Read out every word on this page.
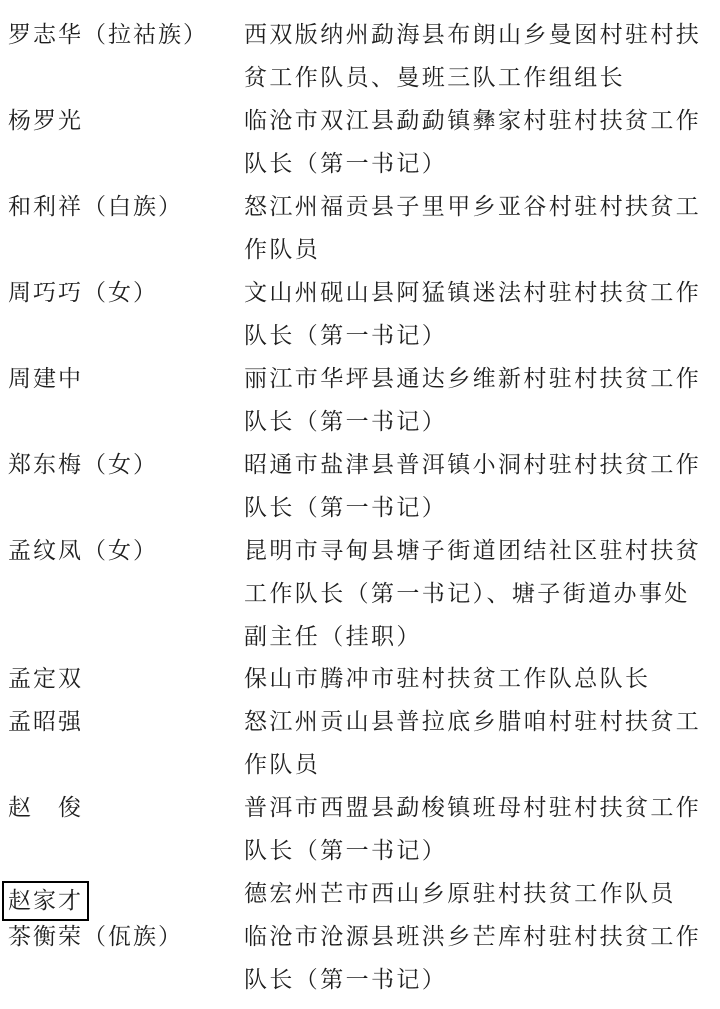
罗志华（拉祜族） 西双版纳州勐海县布朗山乡曼囡村驻村扶贫工作队员、曼班三队工作组组长
杨罗光	临沧市双江县勐勐镇彝家村驻村扶贫工作队长（第一书记）
和利祥（白族）	怒江州福贡县子里甲乡亚谷村驻村扶贫工作队员
周巧巧（女）	文山州砚山县阿猛镇迷法村驻村扶贫工作队长（第一书记）
周建中	丽江市华坪县通达乡维新村驻村扶贫工作队长（第一书记）
郑东梅（女）	昭通市盐津县普洱镇小洞村驻村扶贫工作队长（第一书记）
孟纹凤（女）	昆明市寻甸县塘子街道团结社区驻村扶贫工作队长（第一书记）、塘子街道办事处副主任（挂职）
孟定双	保山市腾冲市驻村扶贫工作队总队长
孟昭强	怒江州贡山县普拉底乡腊咱村驻村扶贫工作队员
赵　俊	普洱市西盟县勐梭镇班母村驻村扶贫工作队长（第一书记）
赵家才	德宏州芒市西山乡原驻村扶贫工作队员
茶衡荣（佤族）	临沧市沧源县班洪乡芒库村驻村扶贫工作队长（第一书记）
